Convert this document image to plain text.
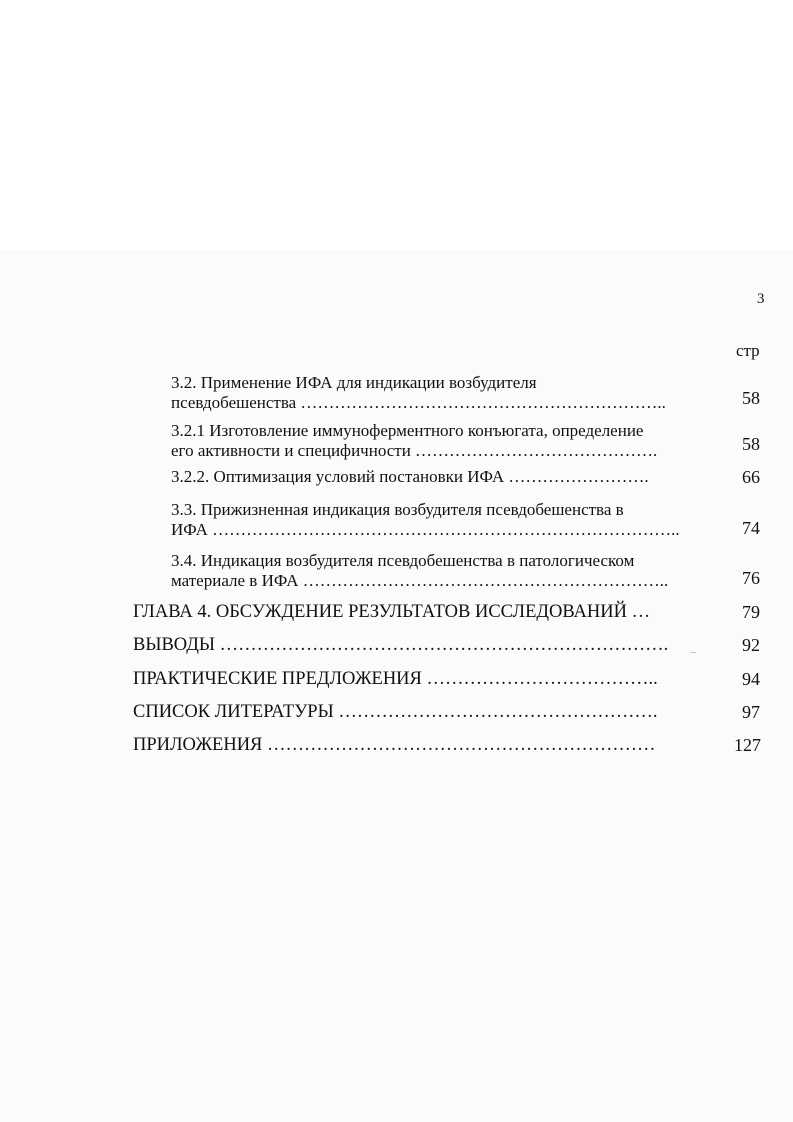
3
стр
3.2. Применение ИФА для индикации возбудителя
псевдобешенства ………………………………………………………..	58
3.2.1 Изготовление иммуноферментного конъюгата, определение
его активности и специфичности …………………………………….	58
3.2.2. Оптимизация условий постановки ИФА …………………….	66
3.3. Прижизненная индикация возбудителя псевдобешенства в
ИФА ………………………………………………………………………..	74
3.4. Индикация возбудителя псевдобешенства в патологическом
материале в ИФА ………………………………………………………..	76
ГЛАВА 4. ОБСУЖДЕНИЕ РЕЗУЛЬТАТОВ ИССЛЕДОВАНИЙ …	79
ВЫВОДЫ ……………………………………………………………….	92
ПРАКТИЧЕСКИЕ ПРЕДЛОЖЕНИЯ ………………………………..	94
СПИСОК ЛИТЕРАТУРЫ …………………………………………….	97
ПРИЛОЖЕНИЯ ………………………………………………………	127
